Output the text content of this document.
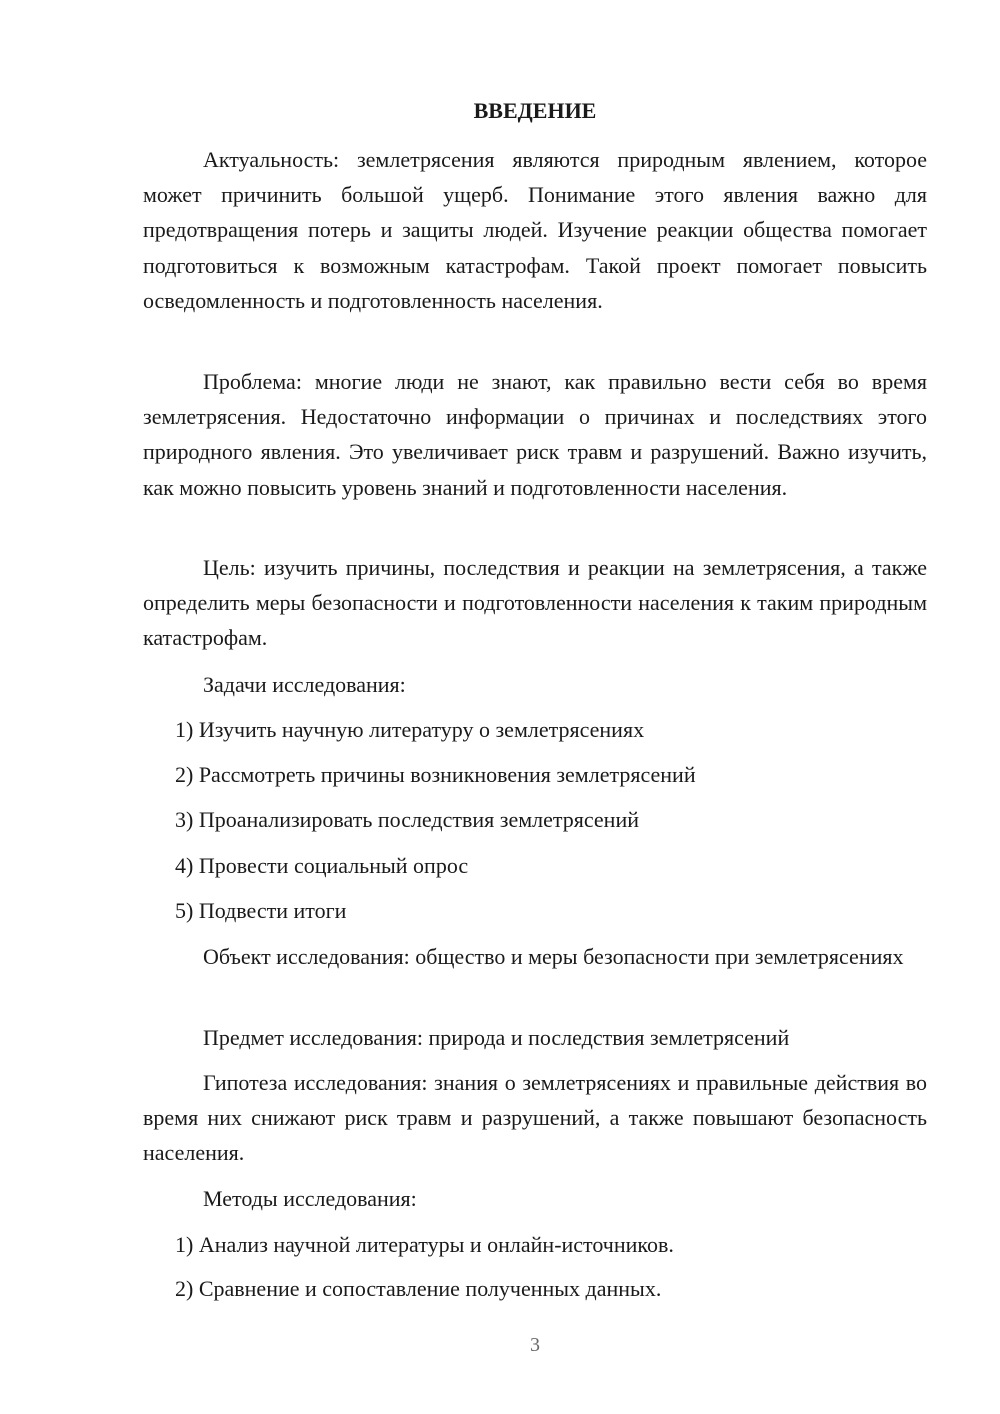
ВВЕДЕНИЕ

Актуальность: землетрясения являются природным явлением, которое может причинить большой ущерб. Понимание этого явления важно для предотвращения потерь и защиты людей. Изучение реакции общества помогает подготовиться к возможным катастрофам. Такой проект помогает повысить осведомленность и подготовленность населения.

Проблема: многие люди не знают, как правильно вести себя во время землетрясения. Недостаточно информации о причинах и последствиях этого природного явления. Это увеличивает риск травм и разрушений. Важно изучить, как можно повысить уровень знаний и подготовленности населения.

Цель: изучить причины, последствия и реакции на землетрясения, а также определить меры безопасности и подготовленности населения к таким природным катастрофам.

Задачи исследования:

1) Изучить научную литературу о землетрясениях

2) Рассмотреть причины возникновения землетрясений

3) Проанализировать последствия землетрясений

4) Провести социальный опрос

5) Подвести итоги

Объект исследования: общество и меры безопасности при землетрясениях

Предмет исследования: природа и последствия землетрясений

Гипотеза исследования: знания о землетрясениях и правильные действия во время них снижают риск травм и разрушений, а также повышают безопасность населения.

Методы исследования:

1) Анализ научной литературы и онлайн-источников.

2) Сравнение и сопоставление полученных данных.

3
